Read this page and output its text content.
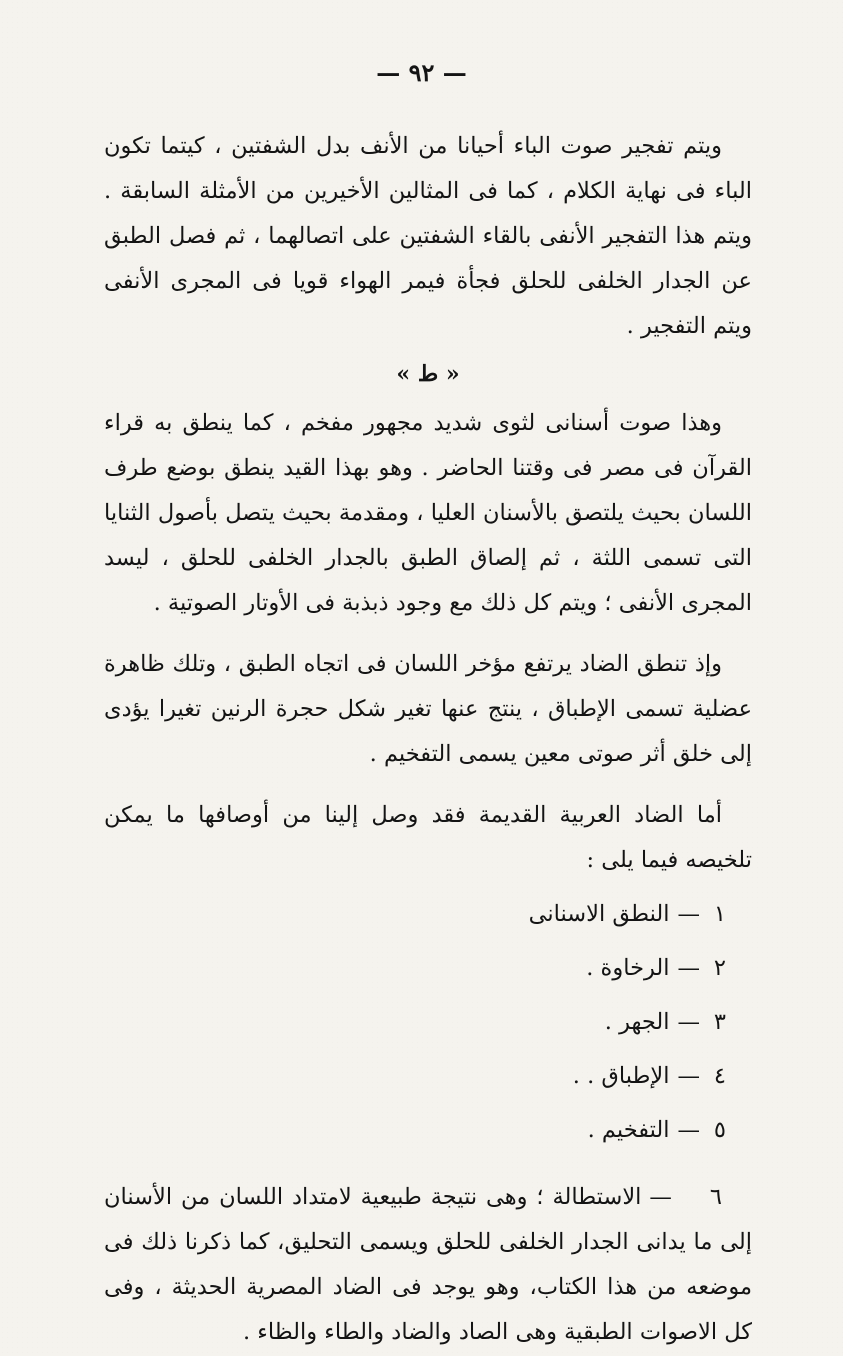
— ٩٢ —

ويتم تفجير صوت الباء أحيانا من الأنف بدل الشفتين ، كيتما تكون الباء فى نهاية الكلام ، كما فى المثالين الأخيرين من الأمثلة السابقة . ويتم هذا التفجير الأنفى بالقاء الشفتين على اتصالهما ، ثم فصل الطبق عن الجدار الخلفى للحلق فجأة فيمر الهواء قويا فى المجرى الأنفى ويتم التفجير .

« ط »

وهذا صوت أسنانى لثوى شديد مجهور مفخم ، كما ينطق به قراء القرآن فى مصر فى وقتنا الحاضر . وهو بهذا القيد ينطق بوضع طرف اللسان بحيث يلتصق بالأسنان العليا ، ومقدمة بحيث يتصل بأصول الثنايا التى تسمى اللثة ، ثم إلصاق الطبق بالجدار الخلفى للحلق ، ليسد المجرى الأنفى ؛ ويتم كل ذلك مع وجود ذبذبة فى الأوتار الصوتية .

وإذ تنطق الضاد يرتفع مؤخر اللسان فى اتجاه الطبق ، وتلك ظاهرة عضلية تسمى الإطباق ، ينتج عنها تغير شكل حجرة الرنين تغيرا يؤدى إلى خلق أثر صوتى معين يسمى التفخيم .

أما الضاد العربية القديمة فقد وصل إلينا من أوصافها ما يمكن تلخيصه فيما يلى :

١—النطق الاسنانى
٢—الرخاوة .
٣—الجهر .
٤—الإطباق . .
٥—التفخيم .

٦—الاستطالة ؛ وهى نتيجة طبيعية لامتداد اللسان من الأسنان إلى ما يدانى الجدار الخلفى للحلق ويسمى التحليق، كما ذكرنا ذلك فى موضعه من هذا الكتاب، وهو يوجد فى الضاد المصرية الحديثة ، وفى كل الاصوات الطبقية وهى الصاد والضاد والطاء والظاء .
